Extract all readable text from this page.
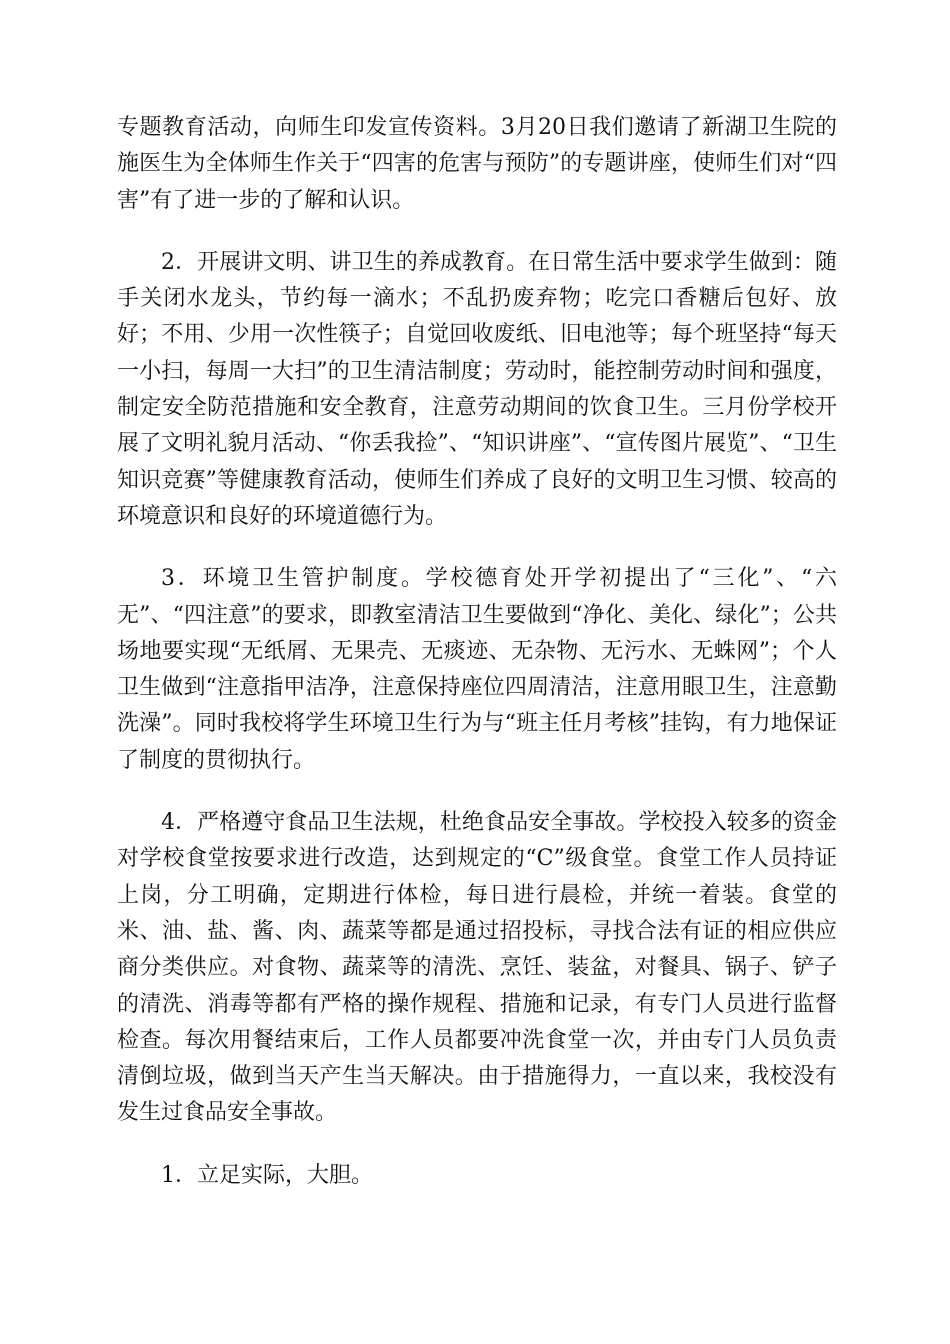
专题教育活动，向师生印发宣传资料。3月20日我们邀请了新湖卫生院的施医生为全体师生作关于“四害的危害与预防”的专题讲座，使师生们对“四害”有了进一步的了解和认识。

2．开展讲文明、讲卫生的养成教育。在日常生活中要求学生做到：随手关闭水龙头，节约每一滴水；不乱扔废弃物；吃完口香糖后包好、放好；不用、少用一次性筷子；自觉回收废纸、旧电池等；每个班坚持“每天一小扫，每周一大扫”的卫生清洁制度；劳动时，能控制劳动时间和强度，制定安全防范措施和安全教育，注意劳动期间的饮食卫生。三月份学校开展了文明礼貌月活动、“你丢我捡”、“知识讲座”、“宣传图片展览”、“卫生知识竞赛”等健康教育活动，使师生们养成了良好的文明卫生习惯、较高的环境意识和良好的环境道德行为。

3．环境卫生管护制度。学校德育处开学初提出了“三化”、“六无”、“四注意”的要求，即教室清洁卫生要做到“净化、美化、绿化”；公共场地要实现“无纸屑、无果壳、无痰迹、无杂物、无污水、无蛛网”；个人卫生做到“注意指甲洁净，注意保持座位四周清洁，注意用眼卫生，注意勤洗澡”。同时我校将学生环境卫生行为与“班主任月考核”挂钩，有力地保证了制度的贯彻执行。

4．严格遵守食品卫生法规，杜绝食品安全事故。学校投入较多的资金对学校食堂按要求进行改造，达到规定的“C”级食堂。食堂工作人员持证上岗，分工明确，定期进行体检，每日进行晨检，并统一着装。食堂的米、油、盐、酱、肉、蔬菜等都是通过招投标，寻找合法有证的相应供应商分类供应。对食物、蔬菜等的清洗、烹饪、装盆，对餐具、锅子、铲子的清洗、消毒等都有严格的操作规程、措施和记录，有专门人员进行监督检查。每次用餐结束后，工作人员都要冲洗食堂一次，并由专门人员负责清倒垃圾，做到当天产生当天解决。由于措施得力，一直以来，我校没有发生过食品安全事故。

1．立足实际，大胆。
